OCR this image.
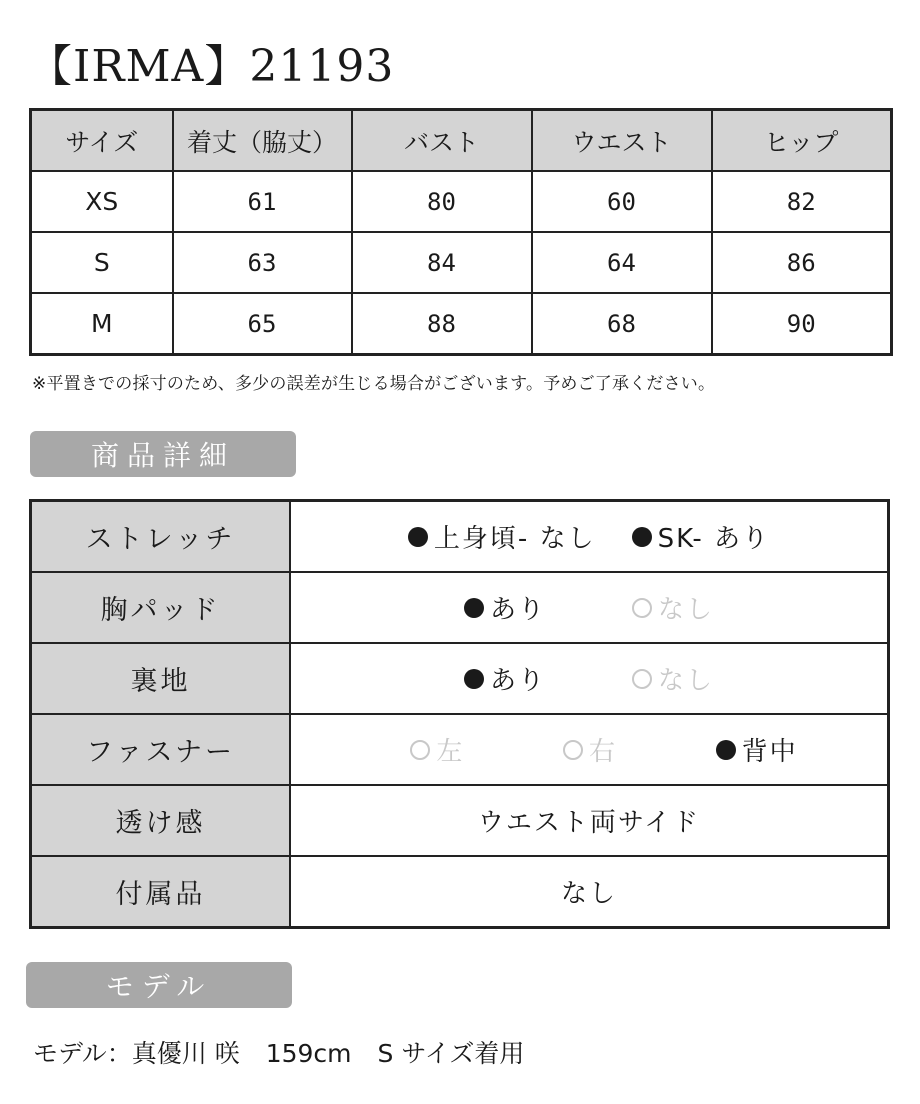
【IRMA】21193
サイズ	着丈（脇丈）	バスト	ウエスト	ヒップ
XS	61	80	60	82
S	63	84	64	86
M	65	88	68	90
※平置きでの採寸のため、多少の誤差が生じる場合がございます。予めご了承ください。
商品詳細
ストレッチ	上身頃- なし SK- あり

胸パッド	あり なし

裏地	あり なし

ファスナー	左 右 背中

透け感	ウエスト両サイド
付属品	なし
モデル
モデル： 真優川 咲 159cm S サイズ着用
